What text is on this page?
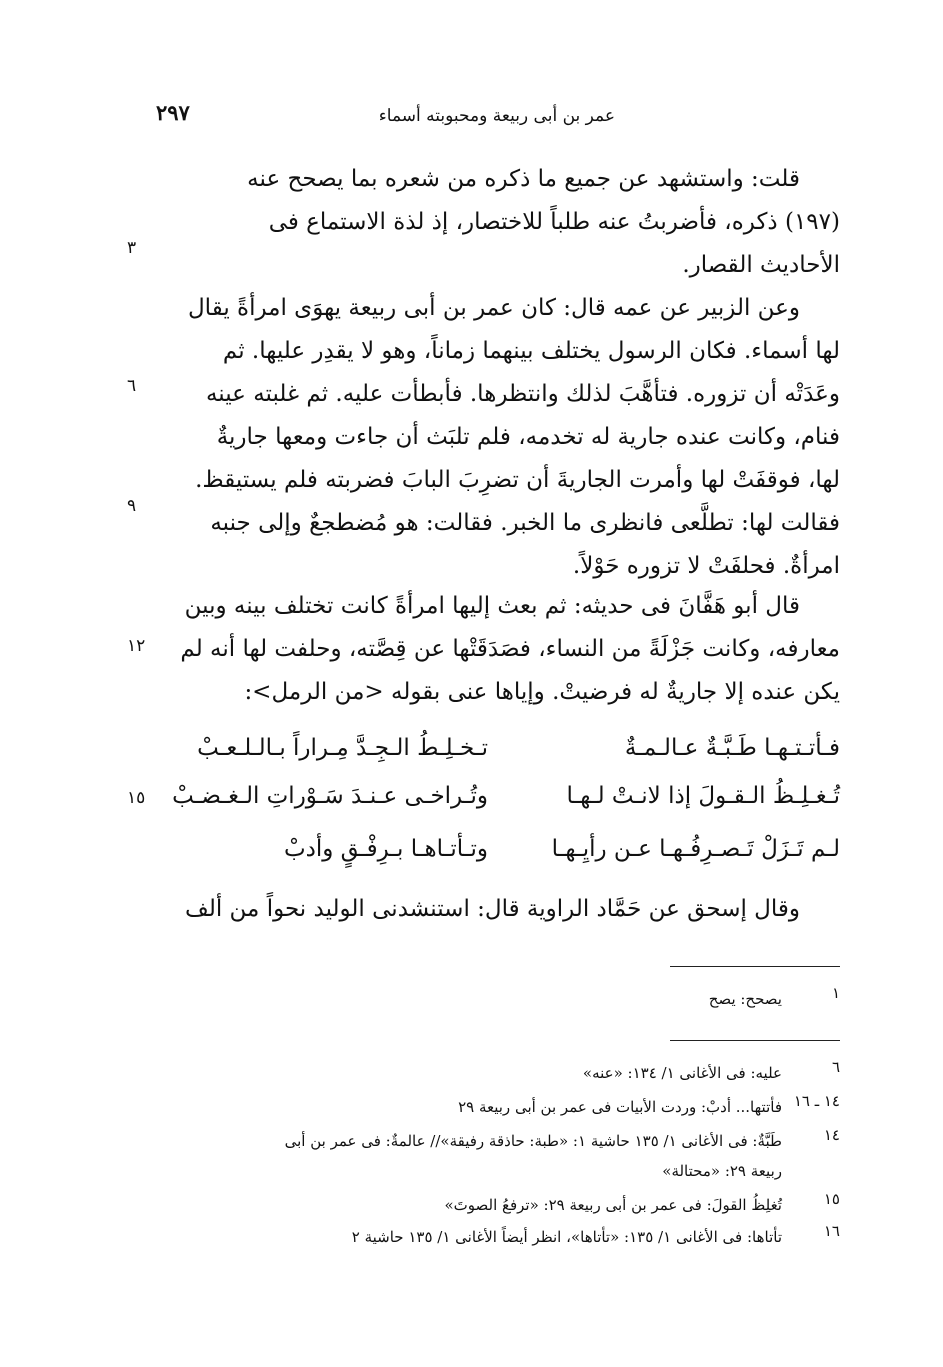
عمر بن أبى ربيعة ومحبوبته أسماء
٢٩٧
قلت: واستشهد عن جميع ما ذكره من شعره بما يصحح عنه
(١٩٧) ذكره، فأضربتُ عنه طلباً للاختصار، إذ لذة الاستماع فى
الأحاديث القصار.
وعن الزبير عن عمه قال: كان عمر بن أبى ربيعة يهوَى امرأةً يقال
لها أسماء. فكان الرسول يختلف بينهما زماناً، وهو لا يقدِر عليها. ثم
وعَدَتْه أن تزوره. فتأهَّبَ لذلك وانتظرها. فأبطأت عليه. ثم غلبته عينه
فنام، وكانت عنده جارية له تخدمه، فلم تلبَث أن جاءت ومعها جاريةٌ
لها، فوقفَتْ لها وأمرت الجاريةَ أن تضرِبَ البابَ فضربته فلم يستيقظ.
فقالت لها: تطلَّعى فانظرى ما الخبر. فقالت: هو مُضطجعٌ وإلى جنبه
امرأةٌ. فحلفَتْ لا تزوره حَوْلاً.
قال أبو هَفَّانَ فى حديثه: ثم بعث إليها امرأةً كانت تختلف بينه وبين
معارفه، وكانت جَزْلَةً من النساء، فصَدَقَتْها عن قِصَّته، وحلفت لها أنه لم
يكن عنده إلا جاريةٌ له فرضيتْ. وإياها عنى بقوله <من الرمل>:
فـأتـتـهـا طَـبَّـةٌ عـالـمـةٌ
تـخـلِـطُ الـجِـدَّ مِـراراً بـالـلـعـبْ
تُـغـلِـظُ الـقـولَ إذا لانـتْ لـهـا
وتُـراخـى عـنـدَ سَـوْراتِ الـغـضـبْ
لـم تَـزَلْ تَـصـرِفُـهـا عـن رأيِـهـا
وتـأتـاهـا بـرِفْـقٍ وأدبْ
وقال إسحق عن حَمَّاد الراوية قال: استنشدنى الوليد نحواً من ألف
٣
٦
٩
١٢
١٥
١
يصحح: يصح
٦
عليه: فى الأغانى ١/ ١٣٤: «عنه»
١٤ ـ ١٦
فأتتها... أدبْ: وردت الأبيات فى عمر بن أبى ربيعة ٢٩
١٤
طَبَّةٌ: فى الأغانى ١/ ١٣٥ حاشية ١: «طبة: حاذقة رفيقة»// عالمةٌ: فى عمر بن أبى
ربيعة ٢٩: «محتالة»
١٥
تُغلِظُ القولَ: فى عمر بن أبى ربيعة ٢٩: «ترفعُ الصوتَ»
١٦
تأتاها: فى الأغانى ١/ ١٣٥: «تأتاها»، انظر أيضاً الأغانى ١/ ١٣٥ حاشية ٢
